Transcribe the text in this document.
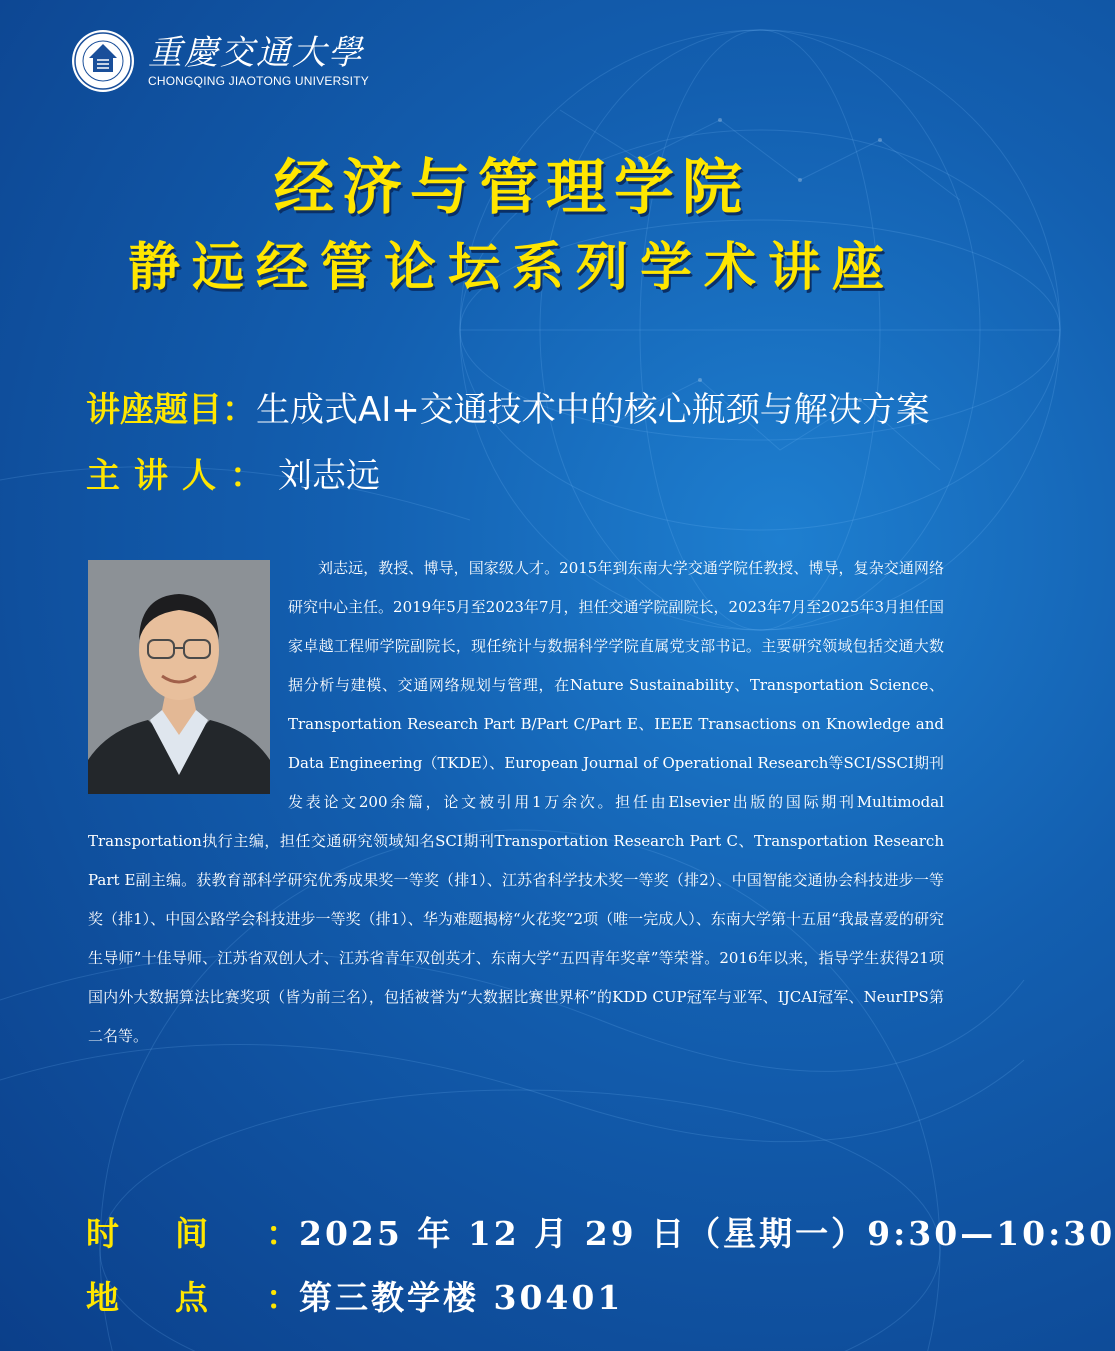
重慶交通大學
CHONGQING JIAOTONG UNIVERSITY
经济与管理学院
静远经管论坛系列学术讲座
讲座题目：生成式AI+交通技术中的核心瓶颈与解决方案
主讲人：刘志远

刘志远，教授、博导，国家级人才。2015年到东南大学交通学院任教授、博导，复杂交通网络研究中心主任。2019年5月至2023年7月，担任交通学院副院长，2023年7月至2025年3月担任国家卓越工程师学院副院长，现任统计与数据科学学院直属党支部书记。主要研究领域包括交通大数据分析与建模、交通网络规划与管理，在Nature Sustainability、Transportation Science、Transportation Research Part B/Part C/Part E、IEEE Transactions on Knowledge and Data Engineering（TKDE）、European Journal of Operational Research等SCI/SSCI期刊发表论文200余篇，论文被引用1万余次。担任由Elsevier出版的国际期刊Multimodal Transportation执行主编，担任交通研究领域知名SCI期刊Transportation Research Part C、Transportation Research Part E副主编。获教育部科学研究优秀成果奖一等奖（排1）、江苏省科学技术奖一等奖（排2）、中国智能交通协会科技进步一等奖（排1）、中国公路学会科技进步一等奖（排1）、华为难题揭榜“火花奖”2项（唯一完成人）、东南大学第十五届“我最喜爱的研究生导师”十佳导师、江苏省双创人才、江苏省青年双创英才、东南大学“五四青年奖章”等荣誉。2016年以来，指导学生获得21项国内外大数据算法比赛奖项（皆为前三名），包括被誉为“大数据比赛世界杯”的KDD CUP冠军与亚军、IJCAI冠军、NeurIPS第二名等。

时间：2025 年 12 月 29 日（星期一）9:30—10:30
地点：第三教学楼 30401
